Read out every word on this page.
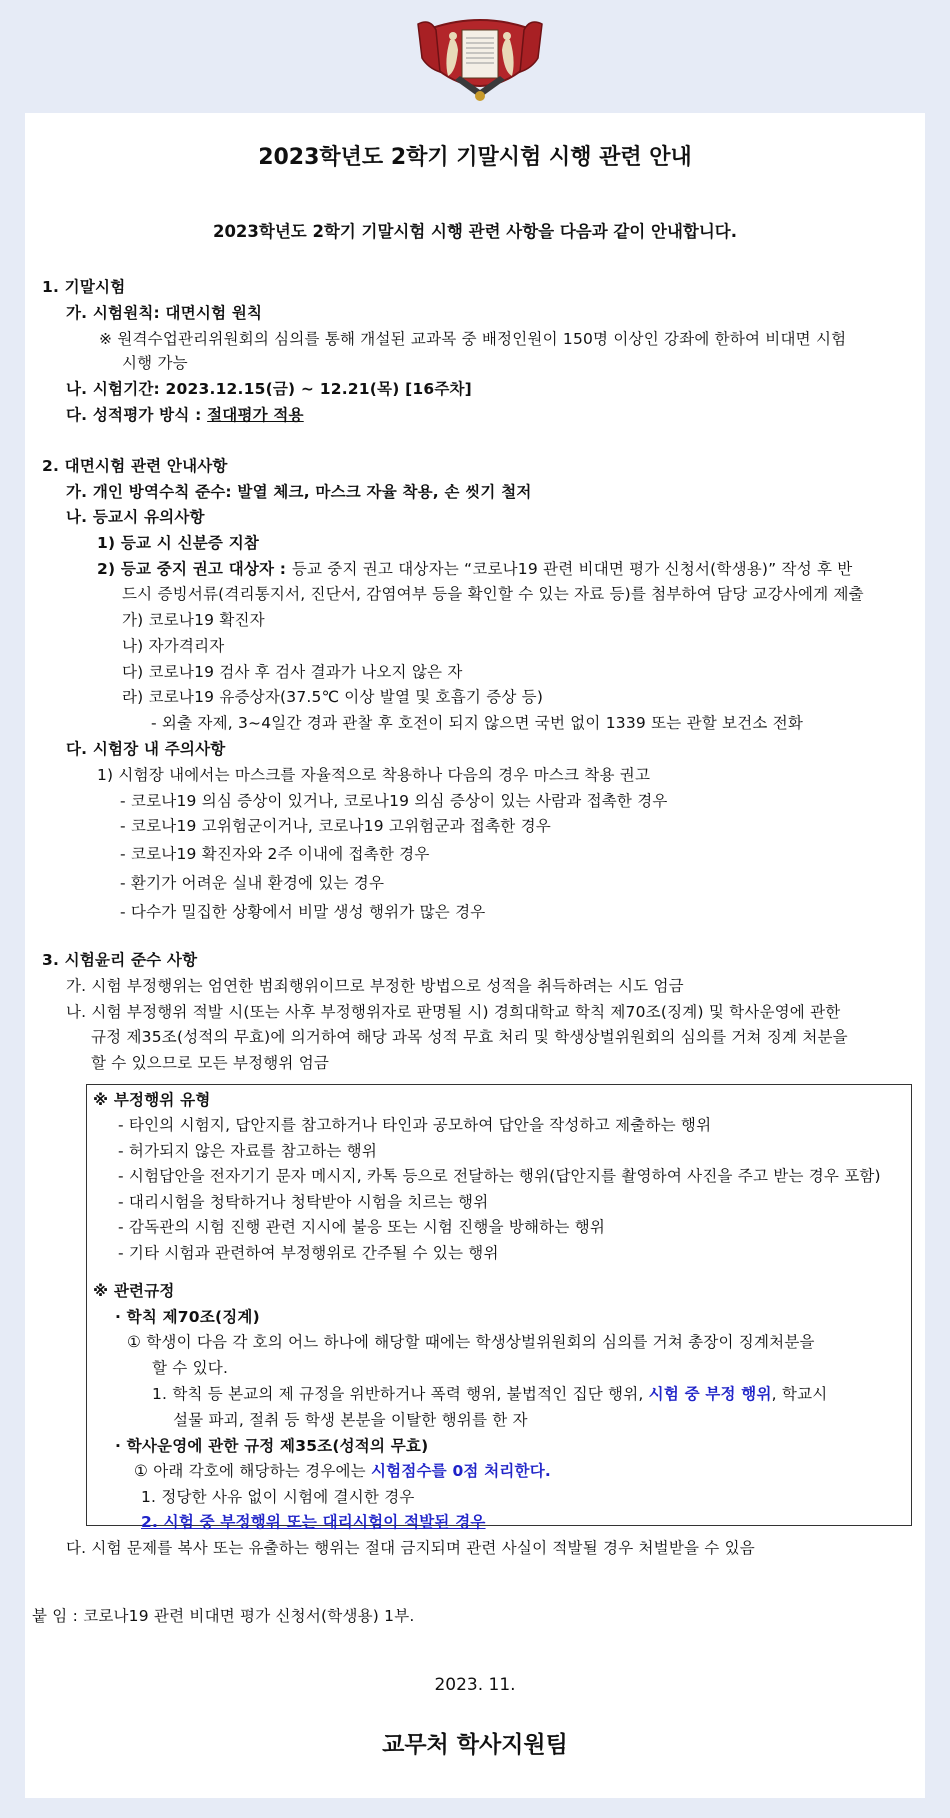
2023학년도 2학기 기말시험 시행 관련 안내
2023학년도 2학기 기말시험 시행 관련 사항을 다음과 같이 안내합니다.
1. 기말시험
가. 시험원칙: 대면시험 원칙
※ 원격수업관리위원회의 심의를 통해 개설된 교과목 중 배정인원이 150명 이상인 강좌에 한하여 비대면 시험
시행 가능
나. 시험기간: 2023.12.15(금) ~ 12.21(목) [16주차]
다. 성적평가 방식 : 절대평가 적용
2. 대면시험 관련 안내사항
가. 개인 방역수칙 준수: 발열 체크, 마스크 자율 착용, 손 씻기 철저
나. 등교시 유의사항
1) 등교 시 신분증 지참
2) 등교 중지 권고 대상자 : 등교 중지 권고 대상자는 “코로나19 관련 비대면 평가 신청서(학생용)” 작성 후 반
드시 증빙서류(격리통지서, 진단서, 감염여부 등을 확인할 수 있는 자료 등)를 첨부하여 담당 교강사에게 제출
가) 코로나19 확진자
나) 자가격리자
다) 코로나19 검사 후 검사 결과가 나오지 않은 자
라) 코로나19 유증상자(37.5℃ 이상 발열 및 호흡기 증상 등)
- 외출 자제, 3~4일간 경과 관찰 후 호전이 되지 않으면 국번 없이 1339 또는 관할 보건소 전화
다. 시험장 내 주의사항
1) 시험장 내에서는 마스크를 자율적으로 착용하나 다음의 경우 마스크 착용 권고
- 코로나19 의심 증상이 있거나, 코로나19 의심 증상이 있는 사람과 접촉한 경우
- 코로나19 고위험군이거나, 코로나19 고위험군과 접촉한 경우
- 코로나19 확진자와 2주 이내에 접촉한 경우
- 환기가 어려운 실내 환경에 있는 경우
- 다수가 밀집한 상황에서 비말 생성 행위가 많은 경우
3. 시험윤리 준수 사항
가. 시험 부정행위는 엄연한 범죄행위이므로 부정한 방법으로 성적을 취득하려는 시도 엄금
나. 시험 부정행위 적발 시(또는 사후 부정행위자로 판명될 시) 경희대학교 학칙 제70조(징계) 및 학사운영에 관한
규정 제35조(성적의 무효)에 의거하여 해당 과목 성적 무효 처리 및 학생상벌위원회의 심의를 거쳐 징계 처분을
할 수 있으므로 모든 부정행위 엄금
※ 부정행위 유형
- 타인의 시험지, 답안지를 참고하거나 타인과 공모하여 답안을 작성하고 제출하는 행위
- 허가되지 않은 자료를 참고하는 행위
- 시험답안을 전자기기 문자 메시지, 카톡 등으로 전달하는 행위(답안지를 촬영하여 사진을 주고 받는 경우 포함)
- 대리시험을 청탁하거나 청탁받아 시험을 치르는 행위
- 감독관의 시험 진행 관련 지시에 불응 또는 시험 진행을 방해하는 행위
- 기타 시험과 관련하여 부정행위로 간주될 수 있는 행위
※ 관련규정
· 학칙 제70조(징계)
① 학생이 다음 각 호의 어느 하나에 해당할 때에는 학생상벌위원회의 심의를 거쳐 총장이 징계처분을
할 수 있다.
1. 학칙 등 본교의 제 규정을 위반하거나 폭력 행위, 불법적인 집단 행위, 시험 중 부정 행위, 학교시
설물 파괴, 절취 등 학생 본분을 이탈한 행위를 한 자
· 학사운영에 관한 규정 제35조(성적의 무효)
① 아래 각호에 해당하는 경우에는 시험점수를 0점 처리한다.
1. 정당한 사유 없이 시험에 결시한 경우
2. 시험 중 부정행위 또는 대리시험이 적발된 경우
다. 시험 문제를 복사 또는 유출하는 행위는 절대 금지되며 관련 사실이 적발될 경우 처벌받을 수 있음
붙 임 : 코로나19 관련 비대면 평가 신청서(학생용) 1부.
2023. 11.
교무처 학사지원팀
